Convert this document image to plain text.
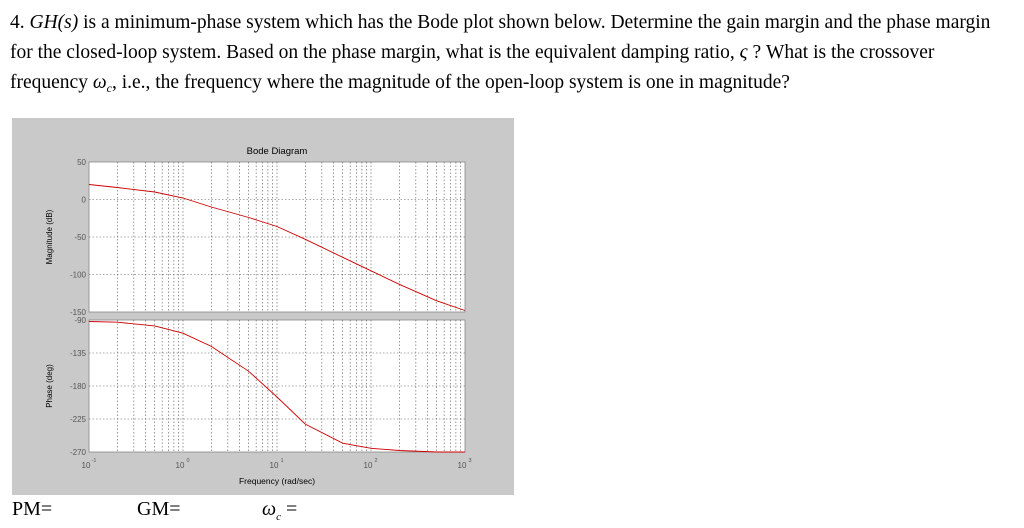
4. GH(s) is a minimum-phase system which has the Bode plot shown below. Determine the gain margin and the phase margin for the closed-loop system. Based on the phase margin, what is the equivalent damping ratio, ς ? What is the crossover frequency $\omega_c$, i.e., the frequency where the magnitude of the open-loop system is one in magnitude?
Bode Diagram
50
0
-50
-100
-150
Magnitude (dB)
-90
-135
-180
-225
-270
Phase (deg)
10 -1	10 0	10 1	10 2	10 3
Frequency (rad/sec)
PM=	GM=	$\omega_c$ =
